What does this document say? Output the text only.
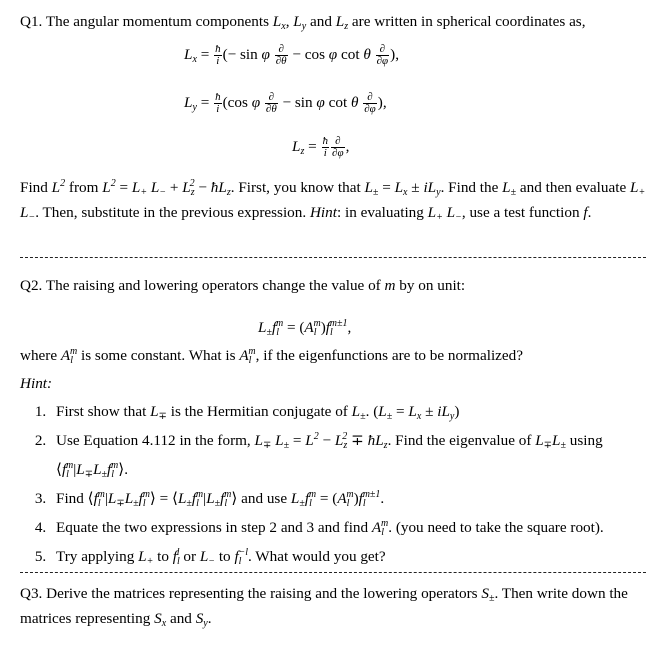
Q1. The angular momentum components $L_x$, $L_y$ and $L_z$ are written in spherical coordinates as,

$L_x = \frac{ħ}{i}$ (− sin φ $\frac{\partial}{\partial\theta} - \cos \varphi$ cot θ $\frac{\partial}{\partial\varphi}$ ),
$L_y = \frac{ħ}{i} (\cos$ φ $\frac{\partial}{\partial\theta} - \sin \varphi$ cot θ $\frac{\partial}{\partial\varphi}$ ),
$L_z = \frac{ħ}{i} \frac{\partial}{\partial\varphi}$ ,

Find $L^2$ from $L^2 = L_+$ $L_- + L_z^2$ − $ħL_z$. First, you know that $L_\pm = L_x \pm iL_y$. Find the $L_\pm$ and then evaluate $L_+$ $L_-$. Then, substitute in the previous expression. Hint: in evaluating $L_+$ $L_-$, use a test function f.

Q2. The raising and lowering operators change the value of m by on unit:

$L_\pm f_l^m = (A_l^m)f_l^{m\pm 1}$,

where $A_l^m$ is some constant. What is $A_l^m$, if the eigenfunctions are to be normalized?

Hint:

1. First show that $L_\mp$ is the Hermitian conjugate of $L_\pm$. $(L_\pm = L_x \pm iL_y)$
2. Use Equation 4.112 in the form, $L_\mp$ $L_\pm = L^2 - L_z^2$ ∓ $ħL_z$. Find the eigenvalue of $L_\mp L_\pm$ using $⟨f_l^m|L_\mp L_\pm f_l^m⟩$.
3. Find $⟨f_l^m|L_\mp L_\pm f_l^m⟩$ = $⟨L_\pm f_l^m|L_\pm f_l^m⟩$ and use $L_\pm f_l^m = (A_l^m)f_l^{m\pm 1}$.
4. Equate the two expressions in step 2 and 3 and find $A_l^m$. (you need to take the square root).
5. Try applying $L_+$ to $f_l^l$ or $L_-$ to $f_l^{-l}$. What would you get?

Q3. Derive the matrices representing the raising and the lowering operators $S_\pm$. Then write down the matrices representing $S_x$ and $S_y$.
